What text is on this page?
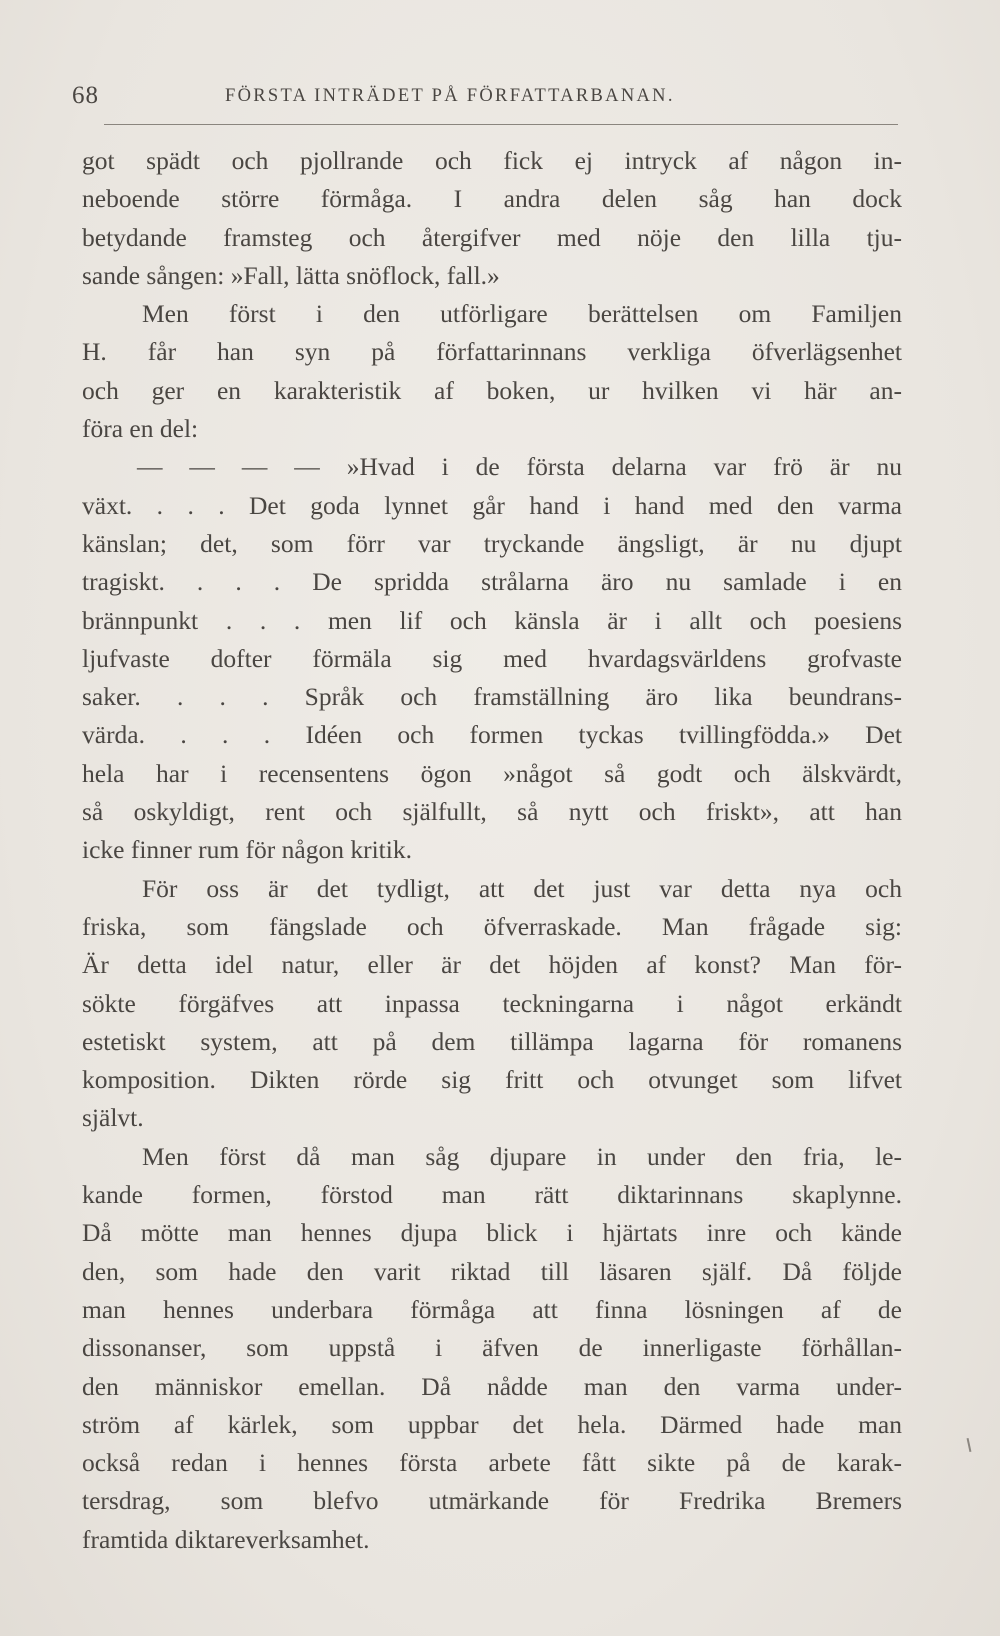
68	FÖRSTA INTRÄDET PÅ FÖRFATTARBANAN.
got spädt och pjollrande och fick ej intryck af någon in-
neboende större förmåga. I andra delen såg han dock
betydande framsteg och återgifver med nöje den lilla tju-
sande sången: »Fall, lätta snöflock, fall.»
Men först i den utförligare berättelsen om Familjen
H. får han syn på författarinnans verkliga öfverlägsenhet
och ger en karakteristik af boken, ur hvilken vi här an-
föra en del:
— — — — »Hvad i de första delarna var frö är nu
växt. . . . Det goda lynnet går hand i hand med den varma
känslan; det, som förr var tryckande ängsligt, är nu djupt
tragiskt. . . . De spridda strålarna äro nu samlade i en
brännpunkt . . . men lif och känsla är i allt och poesiens
ljufvaste dofter förmäla sig med hvardagsvärldens grofvaste
saker. . . . Språk och framställning äro lika beundrans-
värda. . . . Idéen och formen tyckas tvillingfödda.» Det
hela har i recensentens ögon »något så godt och älskvärdt,
så oskyldigt, rent och själfullt, så nytt och friskt», att han
icke finner rum för någon kritik.
För oss är det tydligt, att det just var detta nya och
friska, som fängslade och öfverraskade. Man frågade sig:
Är detta idel natur, eller är det höjden af konst? Man för-
sökte förgäfves att inpassa teckningarna i något erkändt
estetiskt system, att på dem tillämpa lagarna för romanens
komposition. Dikten rörde sig fritt och otvunget som lifvet
självt.
Men först då man såg djupare in under den fria, le-
kande formen, förstod man rätt diktarinnans skaplynne.
Då mötte man hennes djupa blick i hjärtats inre och kände
den, som hade den varit riktad till läsaren själf. Då följde
man hennes underbara förmåga att finna lösningen af de
dissonanser, som uppstå i äfven de innerligaste förhållan-
den människor emellan. Då nådde man den varma under-
ström af kärlek, som uppbar det hela. Därmed hade man
också redan i hennes första arbete fått sikte på de karak-
tersdrag, som blefvo utmärkande för Fredrika Bremers
framtida diktareverksamhet.
